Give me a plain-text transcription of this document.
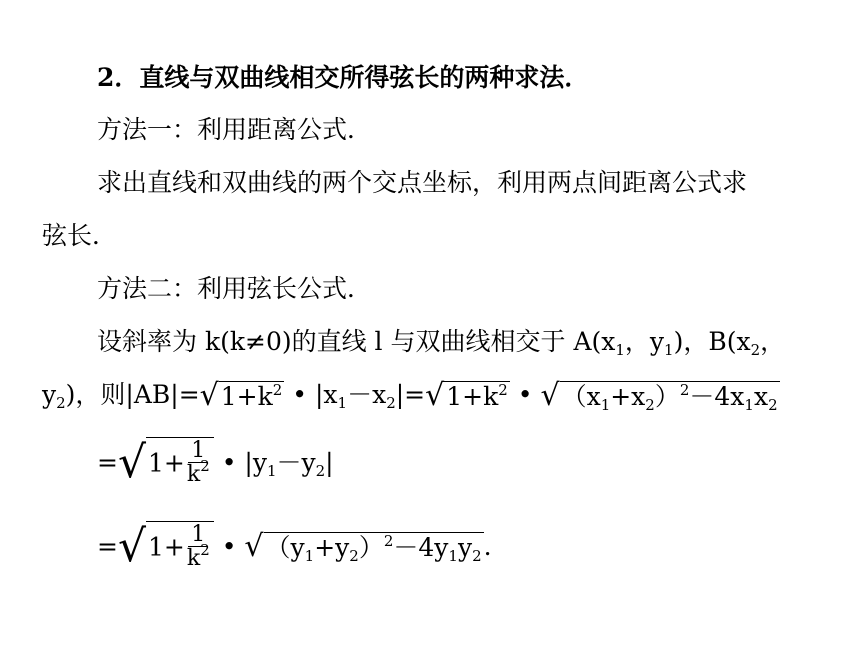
2．直线与双曲线相交所得弦长的两种求法．
方法一：利用距离公式．
求出直线和双曲线的两个交点坐标，利用两点间距离公式求
弦长．
方法二：利用弦长公式．
设斜率为 k(k≠0)的直线 l 与双曲线相交于 $A(x_1$，$y_1$)，$B(x_2$，
$y_2$)，则$|AB|=√1+k^2$ • $|x_1-x_2|=√1+k^2$ • $√(x_1+x_2)^2-4x_1x_2$
$=√1+ \frac{1}{k^2}$ • $|y_1-y_2|$
$=√1+ \frac{1}{k^2}$ • $√(y_1+y_2)^2-4y_1y_2$.
